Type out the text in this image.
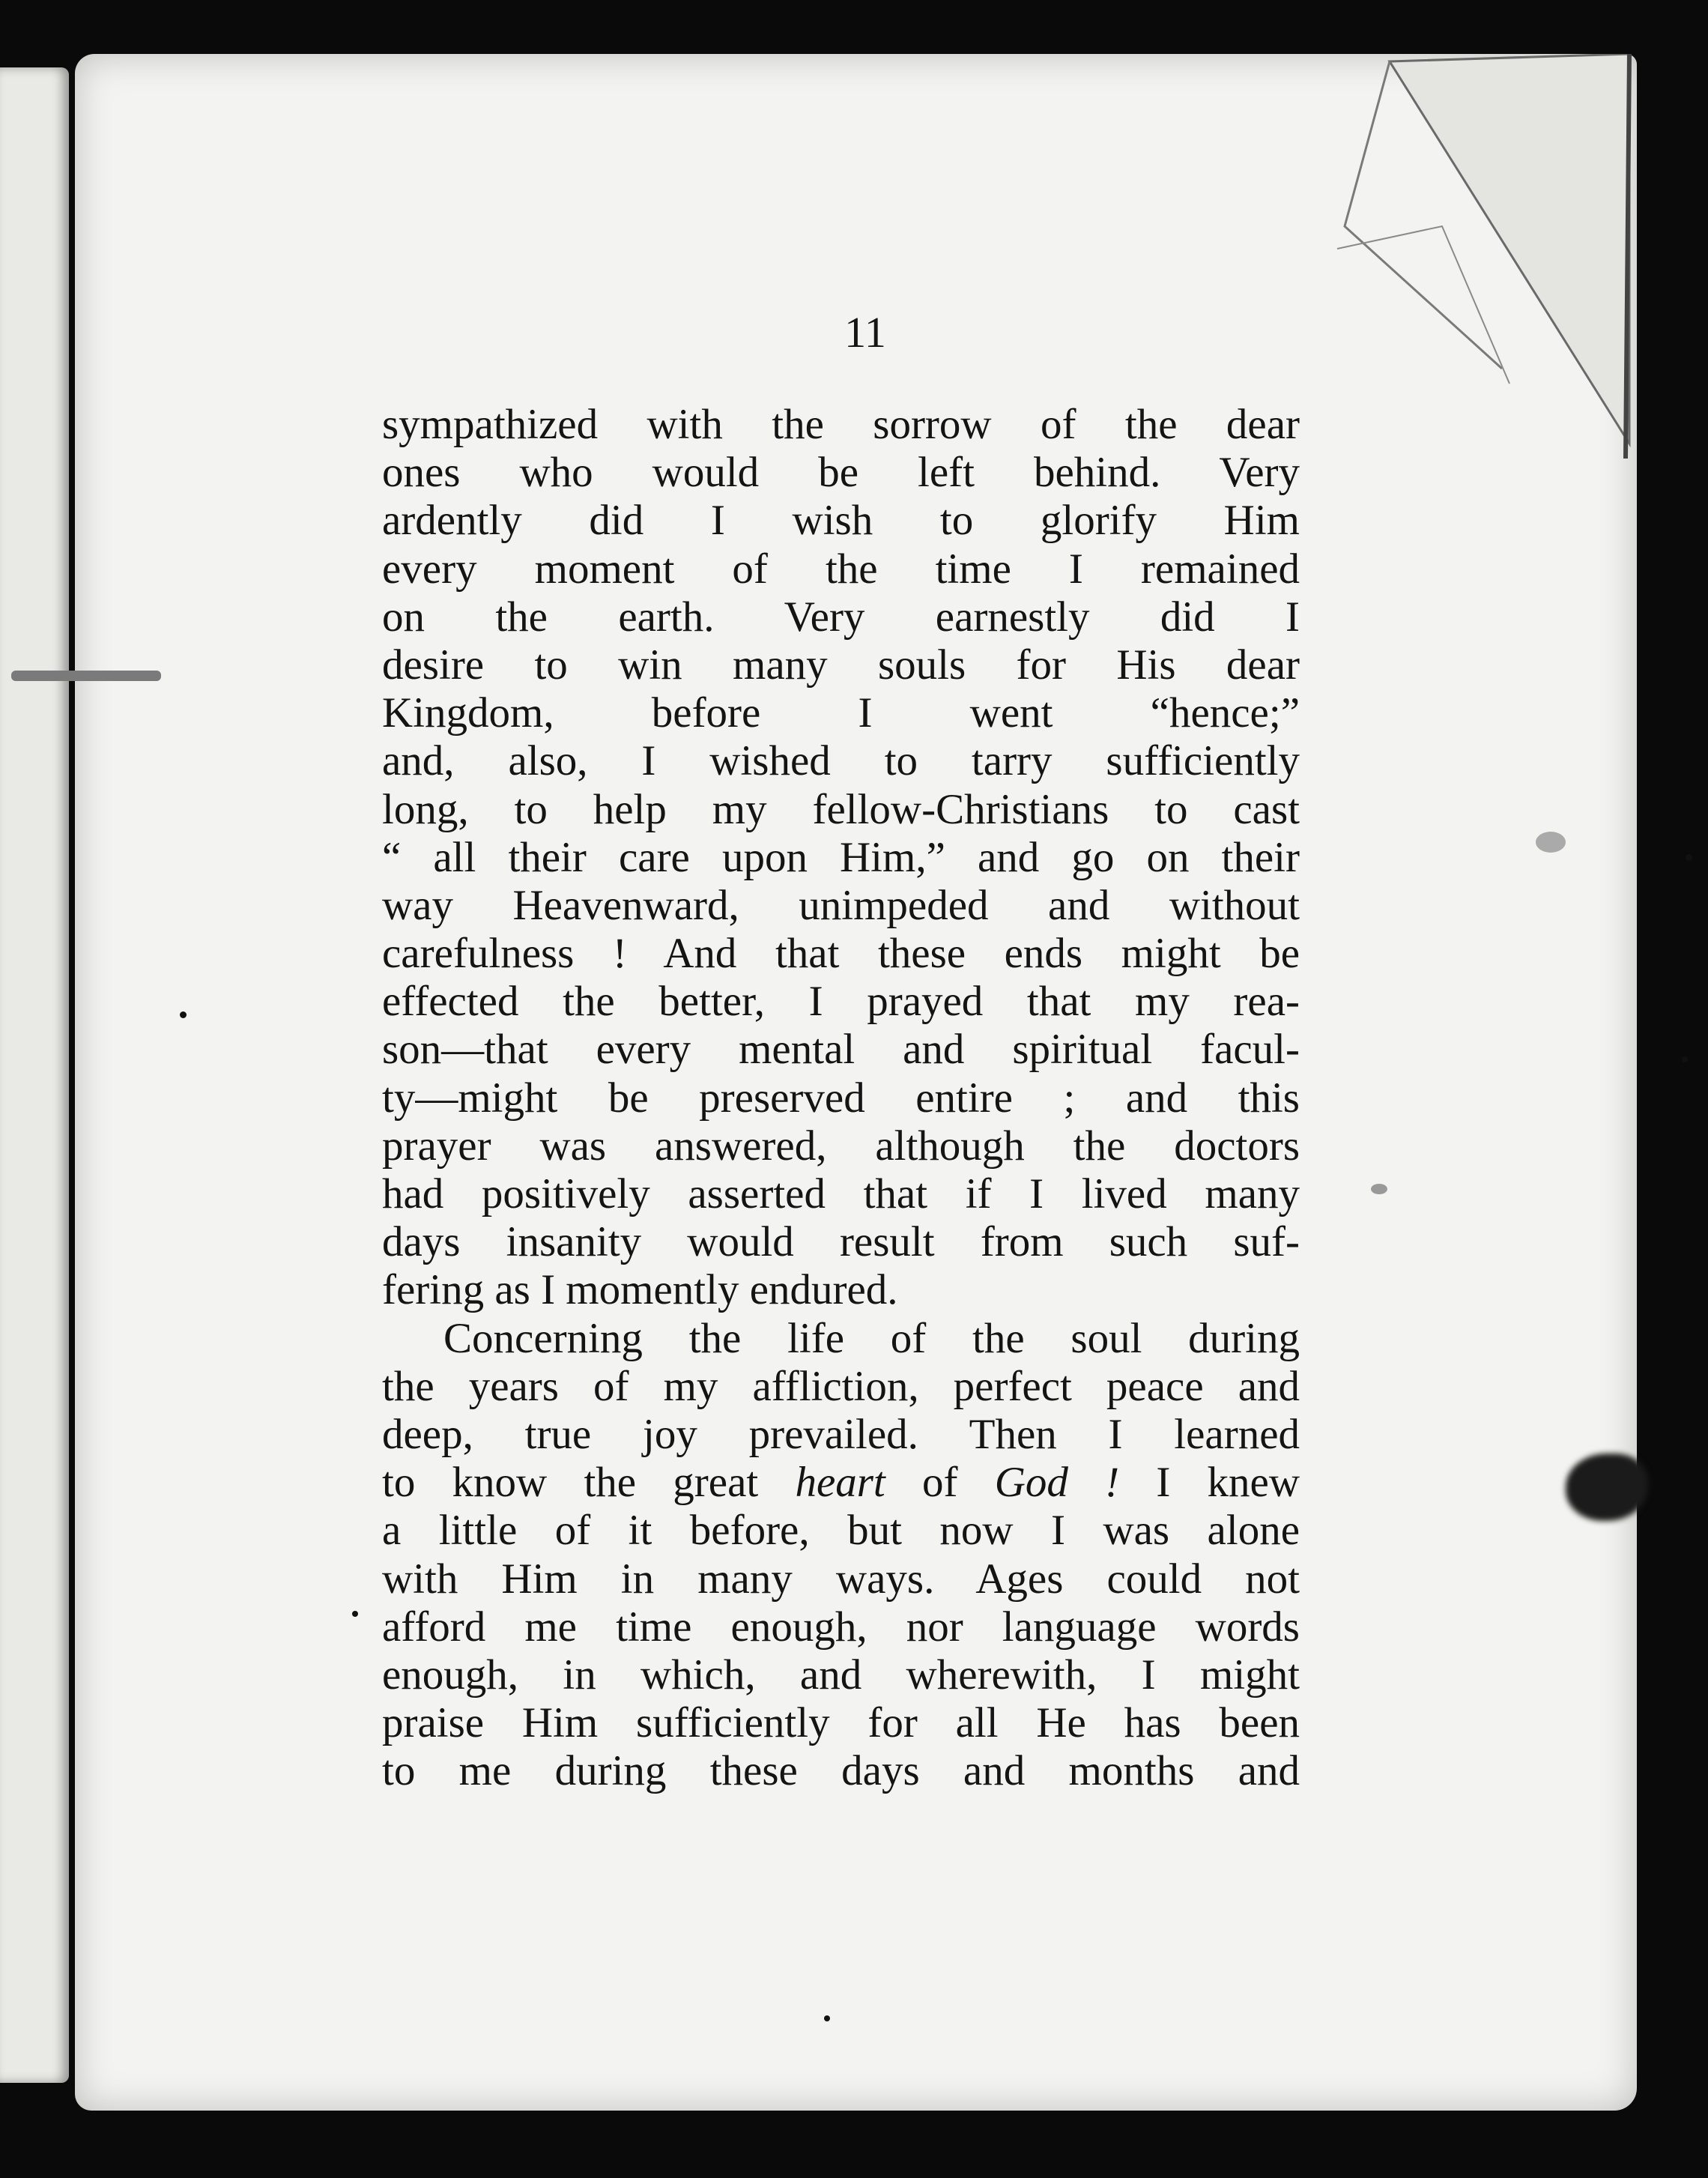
11
sympathized with the sorrow of the dear
ones who would be left behind. Very
ardently did I wish to glorify Him
every moment of the time I remained
on the earth. Very earnestly did I
desire to win many souls for His dear
Kingdom, before I went “hence;”
and, also, I wished to tarry sufficiently
long, to help my fellow-Christians to cast
“ all their care upon Him,” and go on their
way Heavenward, unimpeded and without
carefulness ! And that these ends might be
effected the better, I prayed that my rea-
son—that every mental and spiritual facul-
ty—might be preserved entire ; and this
prayer was answered, although the doctors
had positively asserted that if I lived many
days insanity would result from such suf-
fering as I momently endured.
Concerning the life of the soul during
the years of my affliction, perfect peace and
deep, true joy prevailed. Then I learned
to know the great heart of God ! I knew
a little of it before, but now I was alone
with Him in many ways. Ages could not
afford me time enough, nor language words
enough, in which, and wherewith, I might
praise Him sufficiently for all He has been
to me during these days and months and
